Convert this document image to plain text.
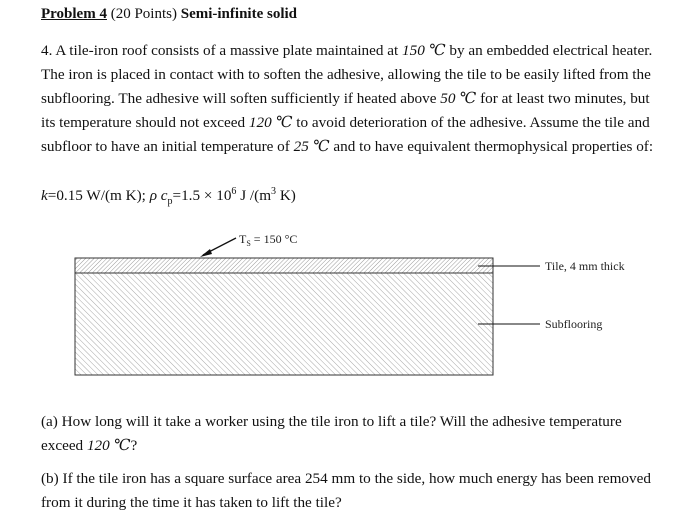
Problem 4 (20 Points) Semi-infinite solid
4. A tile-iron roof consists of a massive plate maintained at 150 ℃ by an embedded electrical heater. The iron is placed in contact with to soften the adhesive, allowing the tile to be easily lifted from the subflooring. The adhesive will soften sufficiently if heated above 50 ℃ for at least two minutes, but its temperature should not exceed 120 ℃ to avoid deterioration of the adhesive. Assume the tile and subfloor to have an initial temperature of 25 ℃ and to have equivalent thermophysical properties of:
k=0.15 W/(m K); ρ $c_p=1.5 \times 10^6$ J $/(m^3$ K)
$T_S = 150$ °C
Tile, 4 mm thick
Subflooring
(a) How long will it take a worker using the tile iron to lift a tile? Will the adhesive temperature exceed 120 ℃?
(b) If the tile iron has a square surface area 254 mm to the side, how much energy has been removed from it during the time it has taken to lift the tile?
